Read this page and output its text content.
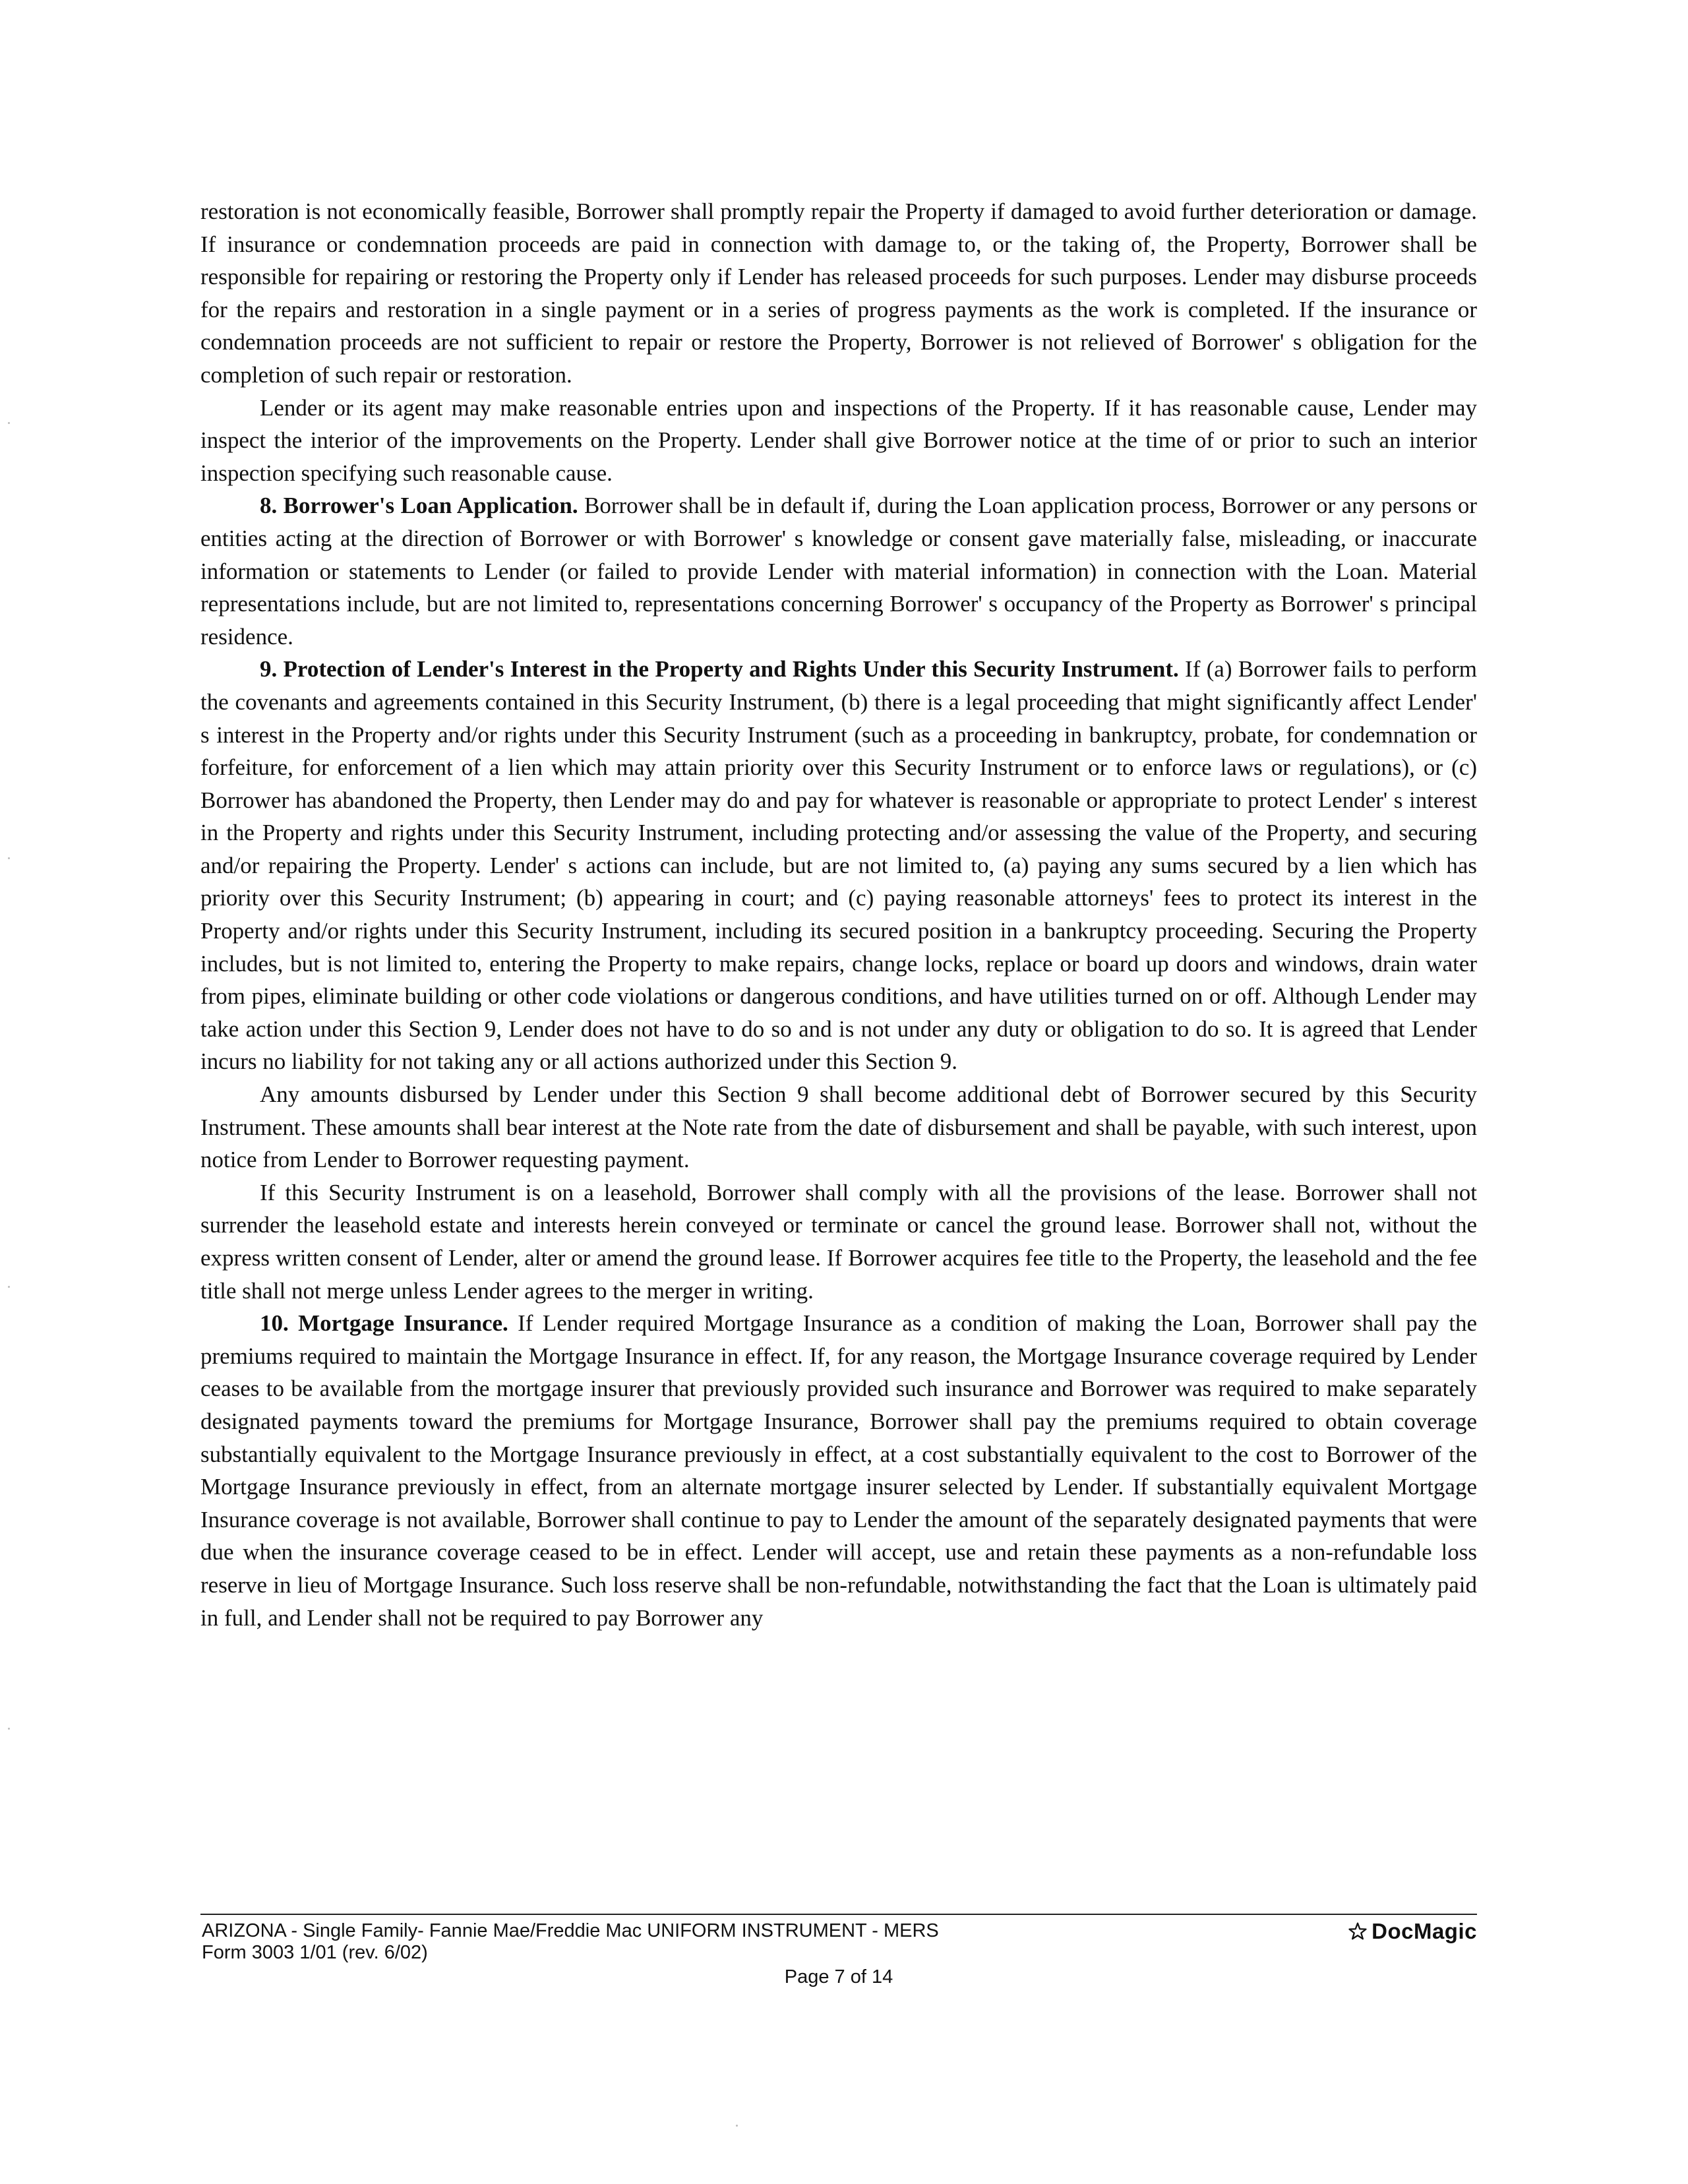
restoration is not economically feasible, Borrower shall promptly repair the Property if damaged to avoid further deterioration or damage. If insurance or condemnation proceeds are paid in connection with damage to, or the taking of, the Property, Borrower shall be responsible for repairing or restoring the Property only if Lender has released proceeds for such purposes. Lender may disburse proceeds for the repairs and restoration in a single payment or in a series of progress payments as the work is completed. If the insurance or condemnation proceeds are not sufficient to repair or restore the Property, Borrower is not relieved of Borrower' s obligation for the completion of such repair or restoration.

Lender or its agent may make reasonable entries upon and inspections of the Property. If it has reasonable cause, Lender may inspect the interior of the improvements on the Property. Lender shall give Borrower notice at the time of or prior to such an interior inspection specifying such reasonable cause.

8. Borrower's Loan Application. Borrower shall be in default if, during the Loan application process, Borrower or any persons or entities acting at the direction of Borrower or with Borrower' s knowledge or consent gave materially false, misleading, or inaccurate information or statements to Lender (or failed to provide Lender with material information) in connection with the Loan. Material representations include, but are not limited to, representations concerning Borrower' s occupancy of the Property as Borrower' s principal residence.

9. Protection of Lender's Interest in the Property and Rights Under this Security Instrument. If (a) Borrower fails to perform the covenants and agreements contained in this Security Instrument, (b) there is a legal proceeding that might significantly affect Lender' s interest in the Property and/or rights under this Security Instrument (such as a proceeding in bankruptcy, probate, for condemnation or forfeiture, for enforcement of a lien which may attain priority over this Security Instrument or to enforce laws or regulations), or (c) Borrower has abandoned the Property, then Lender may do and pay for whatever is reasonable or appropriate to protect Lender' s interest in the Property and rights under this Security Instrument, including protecting and/or assessing the value of the Property, and securing and/or repairing the Property. Lender' s actions can include, but are not limited to, (a) paying any sums secured by a lien which has priority over this Security Instrument; (b) appearing in court; and (c) paying reasonable attorneys' fees to protect its interest in the Property and/or rights under this Security Instrument, including its secured position in a bankruptcy proceeding. Securing the Property includes, but is not limited to, entering the Property to make repairs, change locks, replace or board up doors and windows, drain water from pipes, eliminate building or other code violations or dangerous conditions, and have utilities turned on or off. Although Lender may take action under this Section 9, Lender does not have to do so and is not under any duty or obligation to do so. It is agreed that Lender incurs no liability for not taking any or all actions authorized under this Section 9.

Any amounts disbursed by Lender under this Section 9 shall become additional debt of Borrower secured by this Security Instrument. These amounts shall bear interest at the Note rate from the date of disbursement and shall be payable, with such interest, upon notice from Lender to Borrower requesting payment.

If this Security Instrument is on a leasehold, Borrower shall comply with all the provisions of the lease. Borrower shall not surrender the leasehold estate and interests herein conveyed or terminate or cancel the ground lease. Borrower shall not, without the express written consent of Lender, alter or amend the ground lease. If Borrower acquires fee title to the Property, the leasehold and the fee title shall not merge unless Lender agrees to the merger in writing.

10. Mortgage Insurance. If Lender required Mortgage Insurance as a condition of making the Loan, Borrower shall pay the premiums required to maintain the Mortgage Insurance in effect. If, for any reason, the Mortgage Insurance coverage required by Lender ceases to be available from the mortgage insurer that previously provided such insurance and Borrower was required to make separately designated payments toward the premiums for Mortgage Insurance, Borrower shall pay the premiums required to obtain coverage substantially equivalent to the Mortgage Insurance previously in effect, at a cost substantially equivalent to the cost to Borrower of the Mortgage Insurance previously in effect, from an alternate mortgage insurer selected by Lender. If substantially equivalent Mortgage Insurance coverage is not available, Borrower shall continue to pay to Lender the amount of the separately designated payments that were due when the insurance coverage ceased to be in effect. Lender will accept, use and retain these payments as a non-refundable loss reserve in lieu of Mortgage Insurance. Such loss reserve shall be non-refundable, notwithstanding the fact that the Loan is ultimately paid in full, and Lender shall not be required to pay Borrower any

ARIZONA - Single Family- Fannie Mae/Freddie Mac UNIFORM INSTRUMENT - MERS
Form 3003 1/01 (rev. 6/02)
Page 7 of 14
DocMagic
